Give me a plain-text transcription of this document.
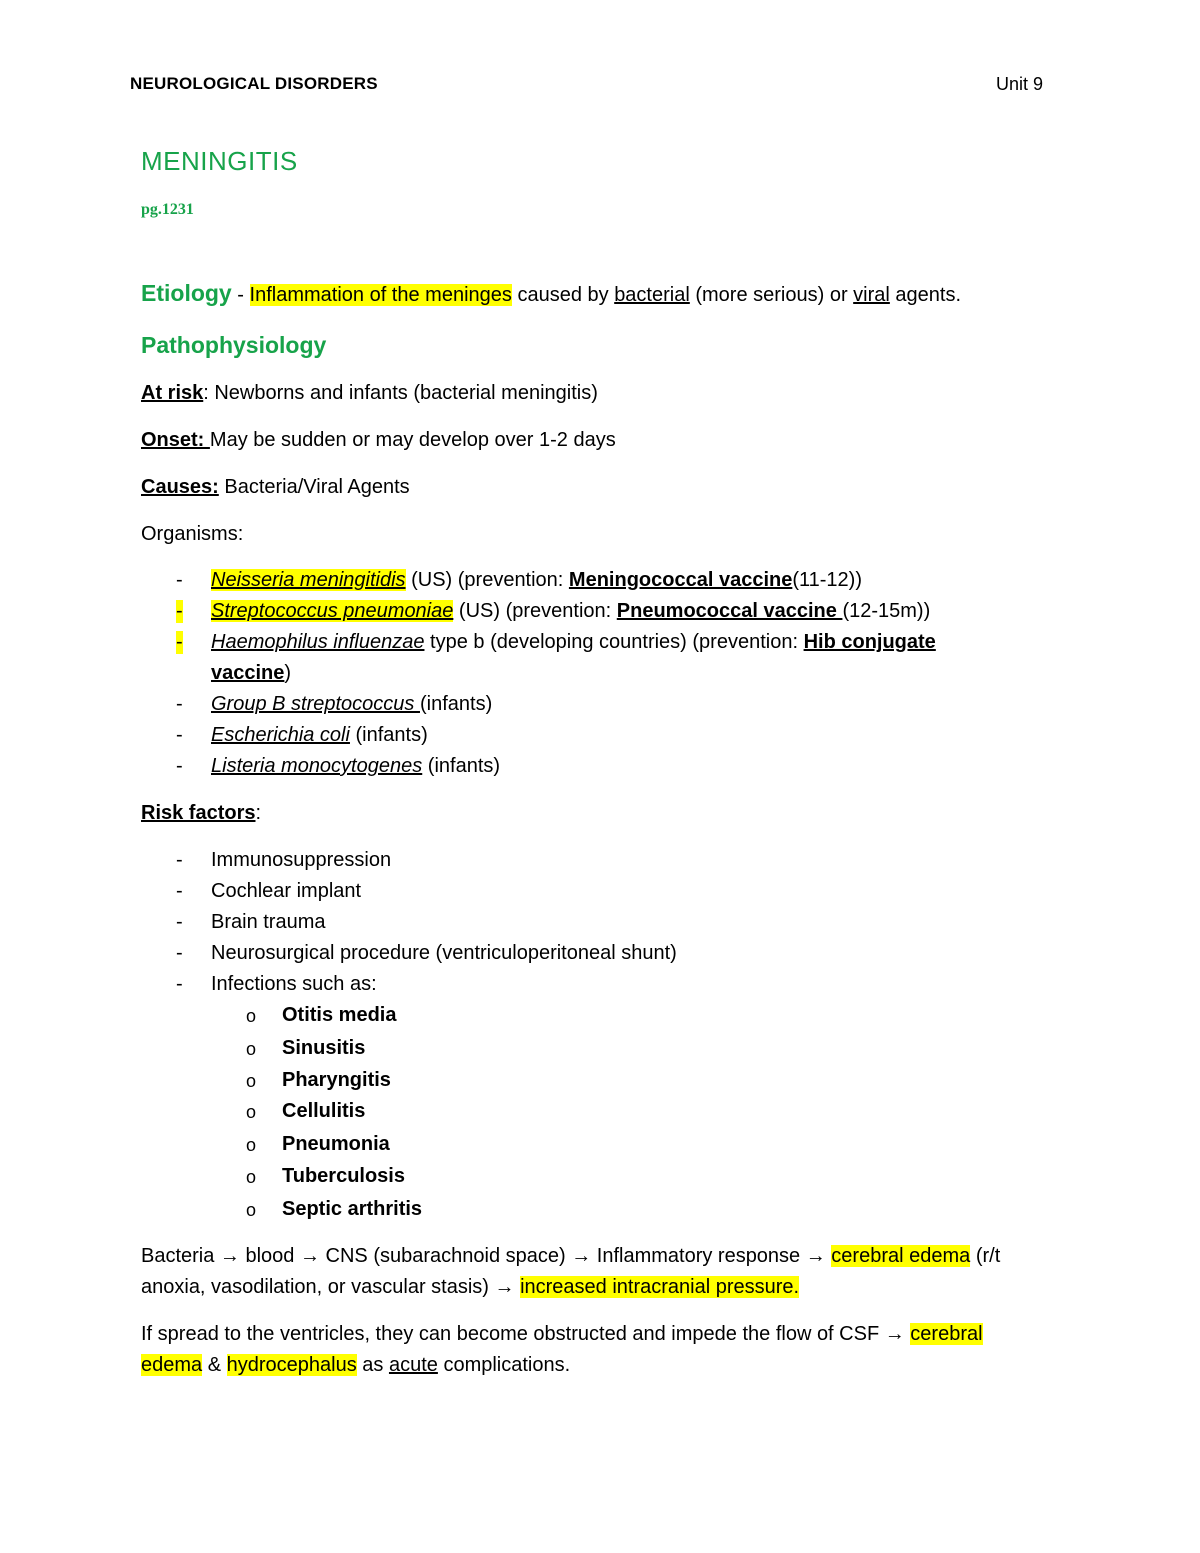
NEUROLOGICAL DISORDERS	Unit 9
MENINGITIS
pg.1231
Etiology - Inflammation of the meninges caused by bacterial (more serious) or viral agents.
Pathophysiology
At risk: Newborns and infants (bacterial meningitis)
Onset: May be sudden or may develop over 1-2 days
Causes: Bacteria/Viral Agents
Organisms:
- Neisseria meningitidis (US) (prevention: Meningococcal vaccine(11-12))
- Streptococcus pneumoniae (US) (prevention: Pneumococcal vaccine (12-15m))
- Haemophilus influenzae type b (developing countries) (prevention: Hib conjugate
vaccine)
- Group B streptococcus (infants)
- Escherichia coli (infants)
- Listeria monocytogenes (infants)
Risk factors:
- Immunosuppression
- Cochlear implant
- Brain trauma
- Neurosurgical procedure (ventriculoperitoneal shunt)
- Infections such as:
o Otitis media
o Sinusitis
o Pharyngitis
o Cellulitis
o Pneumonia
o Tuberculosis
o Septic arthritis
Bacteria → blood → CNS (subarachnoid space) → Inflammatory response → cerebral edema (r/t
anoxia, vasodilation, or vascular stasis) → increased intracranial pressure.
If spread to the ventricles, they can become obstructed and impede the flow of CSF → cerebral
edema & hydrocephalus as acute complications.
